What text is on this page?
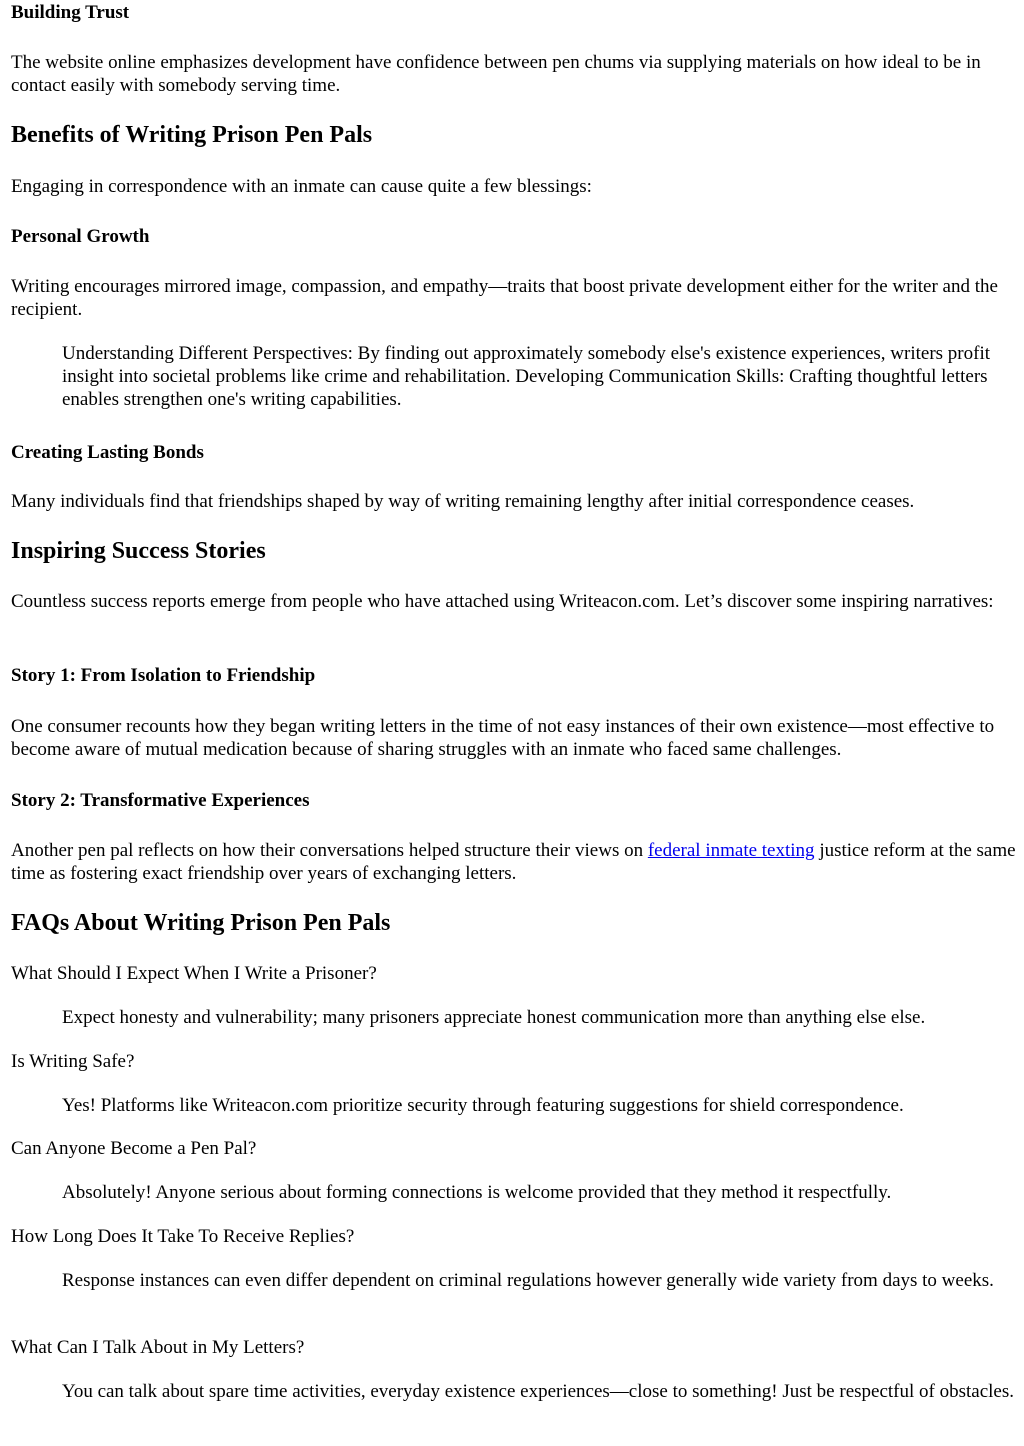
Building Trust

The website online emphasizes development have confidence between pen chums via supplying materials on how ideal to be in contact easily with somebody serving time.

Benefits of Writing Prison Pen Pals

Engaging in correspondence with an inmate can cause quite a few blessings:

Personal Growth

Writing encourages mirrored image, compassion, and empathy—traits that boost private development either for the writer and the recipient.

Understanding Different Perspectives: By finding out approximately somebody else's existence experiences, writers profit insight into societal problems like crime and rehabilitation. Developing Communication Skills: Crafting thoughtful letters enables strengthen one's writing capabilities.
Creating Lasting Bonds

Many individuals find that friendships shaped by way of writing remaining lengthy after initial correspondence ceases.

Inspiring Success Stories

Countless success reports emerge from people who have attached using Writeacon.com. Let’s discover some inspiring narratives:

Story 1: From Isolation to Friendship

One consumer recounts how they began writing letters in the time of not easy instances of their own existence—most effective to become aware of mutual medication because of sharing struggles with an inmate who faced same challenges.

Story 2: Transformative Experiences

Another pen pal reflects on how their conversations helped structure their views on federal inmate texting justice reform at the same time as fostering exact friendship over years of exchanging letters.

FAQs About Writing Prison Pen Pals
What Should I Expect When I Write a Prisoner?
Expect honesty and vulnerability; many prisoners appreciate honest communication more than anything else else.
Is Writing Safe?
Yes! Platforms like Writeacon.com prioritize security through featuring suggestions for shield correspondence.
Can Anyone Become a Pen Pal?
Absolutely! Anyone serious about forming connections is welcome provided that they method it respectfully.
How Long Does It Take To Receive Replies?
Response instances can even differ dependent on criminal regulations however generally wide variety from days to weeks.
What Can I Talk About in My Letters?
You can talk about spare time activities, everyday existence experiences—close to something! Just be respectful of obstacles.
